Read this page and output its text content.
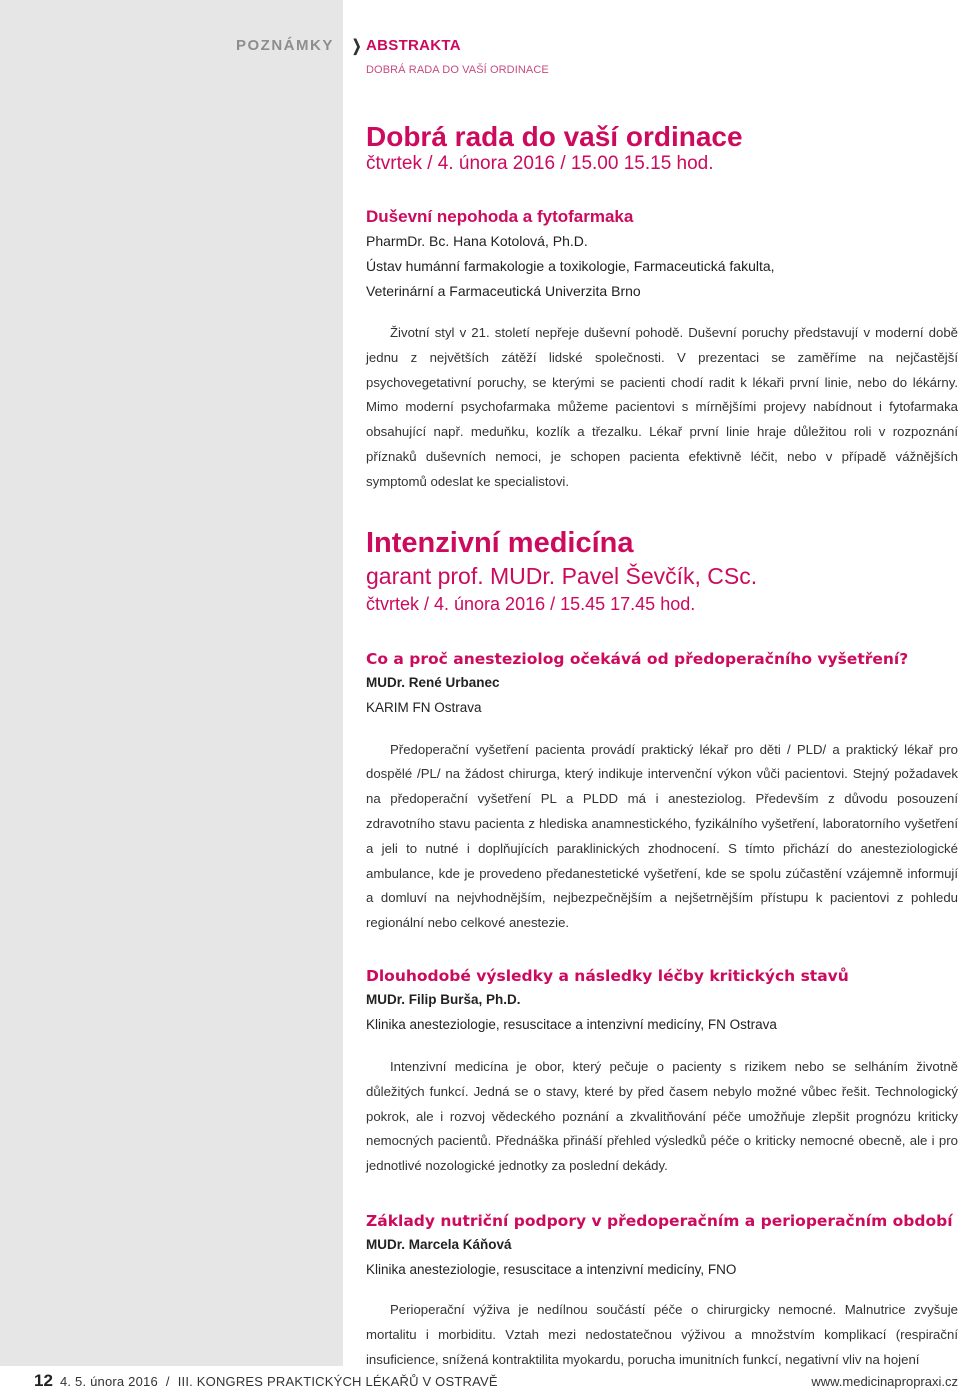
POZNÁMKY ❯ ABSTRAKTA
DOBRÁ RADA DO VAŠÍ ORDINACE
Dobrá rada do vaší ordinace
čtvrtek / 4. února 2016 / 15.00 15.15 hod.
Duševní nepohoda a fytofarmaka
PharmDr. Bc. Hana Kotolová, Ph.D.
Ústav humánní farmakologie a toxikologie, Farmaceutická fakulta,
Veterinární a Farmaceutická Univerzita Brno

Životní styl v 21. století nepřeje duševní pohodě. Duševní poruchy představují v moderní době jednu z největších zátěží lidské společnosti. V prezentaci se zaměříme na nejčastější psychovegetativní poruchy, se kterými se pacienti chodí radit k lékaři první linie, nebo do lékárny. Mimo moderní psychofarmaka můžeme pacientovi s mírnějšími projevy nabídnout i fytofarmaka obsahující např. meduňku, kozlík a třezalku. Lékař první linie hraje důležitou roli v rozpoznání příznaků duševních nemoci, je schopen pacienta efektivně léčit, nebo v případě vážnějších symptomů odeslat ke specialistovi.

Intenzivní medicína
garant prof. MUDr. Pavel Ševčík, CSc.
čtvrtek / 4. února 2016 / 15.45 17.45 hod.
Co a proč anesteziolog očekává od předoperačního vyšetření?
MUDr. René Urbanec
KARIM FN Ostrava

Předoperační vyšetření pacienta provádí praktický lékař pro děti / PLD/ a praktický lékař pro dospělé /PL/ na žádost chirurga, který indikuje intervenční výkon vůči pacientovi. Stejný požadavek na předoperační vyšetření PL a PLDD má i anesteziolog. Především z důvodu posouzení zdravotního stavu pacienta z hlediska anamnestického, fyzikálního vyšetření, laboratorního vyšetření a jeli to nutné i doplňujících paraklinických zhodnocení. S tímto přichází do anesteziologické ambulance, kde je provedeno předanestetické vyšetření, kde se spolu zúčastění vzájemně informují a domluví na nejvhodnějším, nejbezpečnějším a nejšetrnějším přístupu k pacientovi z pohledu regionální nebo celkové anestezie.

Dlouhodobé výsledky a následky léčby kritických stavů
MUDr. Filip Burša, Ph.D.
Klinika anesteziologie, resuscitace a intenzivní medicíny, FN Ostrava

Intenzivní medicína je obor, který pečuje o pacienty s rizikem nebo se selháním životně důležitých funkcí. Jedná se o stavy, které by před časem nebylo možné vůbec řešit. Technologický pokrok, ale i rozvoj vědeckého poznání a zkvalitňování péče umožňuje zlepšit prognózu kriticky nemocných pacientů. Přednáška přináší přehled výsledků péče o kriticky nemocné obecně, ale i pro jednotlivé nozologické jednotky za poslední dekády.

Základy nutriční podpory v předoperačním a perioperačním období
MUDr. Marcela Káňová
Klinika anesteziologie, resuscitace a intenzivní medicíny, FNO

Perioperační výživa je nedílnou součástí péče o chirurgicky nemocné. Malnutrice zvyšuje mortalitu i morbiditu. Vztah mezi nedostatečnou výživou a množstvím komplikací (respirační insuficience, snížená kontraktilita myokardu, porucha imunitních funkcí, negativní vliv na hojení

12 4. 5. února 2016 / III. KONGRES PRAKTICKÝCH LÉKAŘŮ V OSTRAVĚ	www.medicinapropraxi.cz
